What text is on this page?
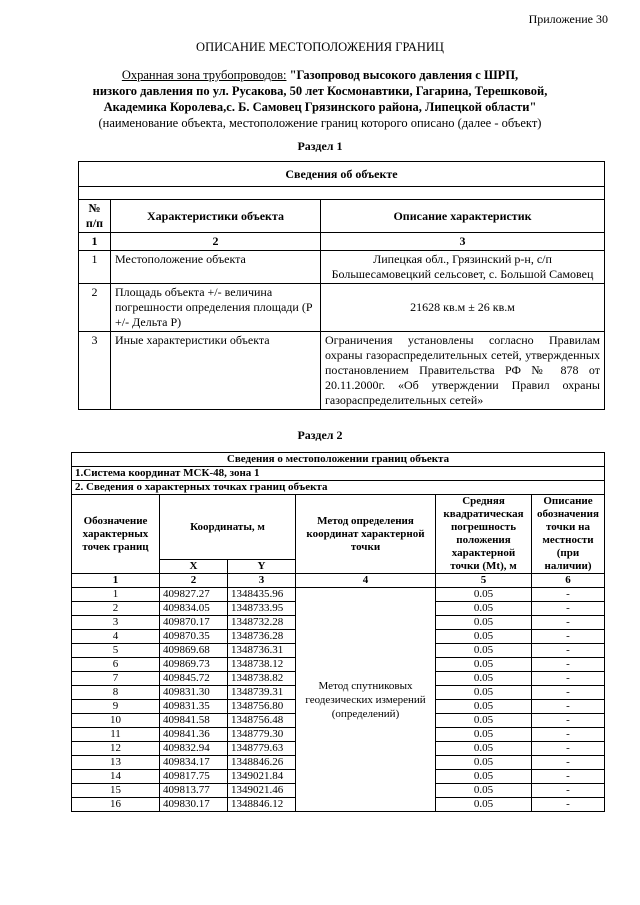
Приложение 30
ОПИСАНИЕ МЕСТОПОЛОЖЕНИЯ ГРАНИЦ
Охранная зона трубопроводов: "Газопровод высокого давления с ШРП,
низкого давления по ул. Русакова, 50 лет Космонавтики, Гагарина, Терешковой,
Академика Королева,с. Б. Самовец Грязинского района, Липецкой области"
(наименование объекта, местоположение границ которого описано (далее - объект)
Раздел 1
Сведения об объекте		

№ п/п	Характеристики объекта	Описание характеристик
1	2	3
1	Местоположение объекта	Липецкая обл., Грязинский р-н, с/п Большесамовецкий сельсовет, с. Большой Самовец
2	Площадь объекта +/- величина погрешности определения площади (Р +/- Дельта Р)	21628 кв.м ± 26 кв.м
3	Иные характеристики объекта	Ограничения установлены согласно Правилам охраны газораспределительных сетей, утвержденных постановлением Правительства РФ № 878 от 20.11.2000г. «Об утверждении Правил охраны газораспределительных сетей»
Раздел 2
Сведения о местоположении границ объекта					
1.Система координат МСК-48, зона 1					
2. Сведения о характерных точках границ объекта					
Обозначение характерных точек границ	Координаты, м		Метод определения координат характерной точки	Средняя квадратическая погрешность положения характерной точки (Mt), м	Описание обозначения точки на местности (при наличии)
	X	Y			
1	2	3	4	5	6
1	409827.27	1348435.96	Метод спутниковых геодезических измерений (определений)	0.05	-
2	409834.05	1348733.95		0.05	-
3	409870.17	1348732.28		0.05	-
4	409870.35	1348736.28		0.05	-
5	409869.68	1348736.31		0.05	-
6	409869.73	1348738.12		0.05	-
7	409845.72	1348738.82		0.05	-
8	409831.30	1348739.31		0.05	-
9	409831.35	1348756.80		0.05	-
10	409841.58	1348756.48		0.05	-
11	409841.36	1348779.30		0.05	-
12	409832.94	1348779.63		0.05	-
13	409834.17	1348846.26		0.05	-
14	409817.75	1349021.84		0.05	-
15	409813.77	1349021.46		0.05	-
16	409830.17	1348846.12		0.05	-
